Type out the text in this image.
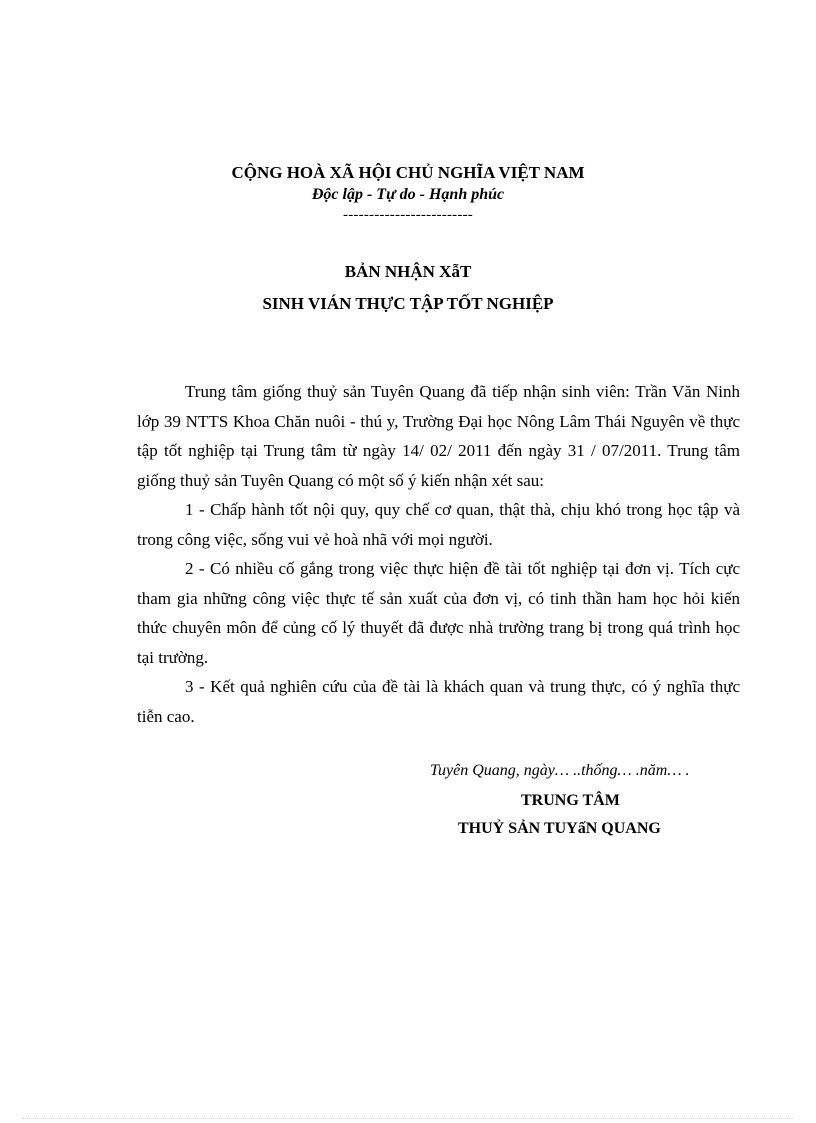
CỘNG HOÀ XÃ HỘI CHỦ NGHĨA VIỆT NAM
Độc lập - Tự do - Hạnh phúc
-------------------------
BẢN NHẬN XẫT
SINH VIÁN THỰC TẬP TỐT NGHIỆP

Trung tâm giống thuỷ sản Tuyên Quang đã tiếp nhận sinh viên: Trần Văn Ninh lớp 39 NTTS Khoa Chăn nuôi - thú y, Trường Đại học Nông Lâm Thái Nguyên về thực tập tốt nghiệp tại Trung tâm từ ngày 14/ 02/ 2011 đến ngày 31 / 07/2011. Trung tâm giống thuỷ sản Tuyên Quang có một số ý kiến nhận xét sau:

1 - Chấp hành tốt nội quy, quy chế cơ quan, thật thà, chịu khó trong học tập và trong công việc, sống vui vẻ hoà nhã với mọi người.

2 - Có nhiều cố gắng trong việc thực hiện đề tài tốt nghiệp tại đơn vị. Tích cực tham gia những công việc thực tế sản xuất của đơn vị, có tinh thần ham học hỏi kiến thức chuyên môn để củng cố lý thuyết đã được nhà trường trang bị trong quá trình học tại trường.

3 - Kết quả nghiên cứu của đề tài là khách quan và trung thực, có ý nghĩa thực tiễn cao.

Tuyên Quang, ngày… ..thống… .năm… .
TRUNG TÂM
THUỶ SẢN TUYấN QUANG
